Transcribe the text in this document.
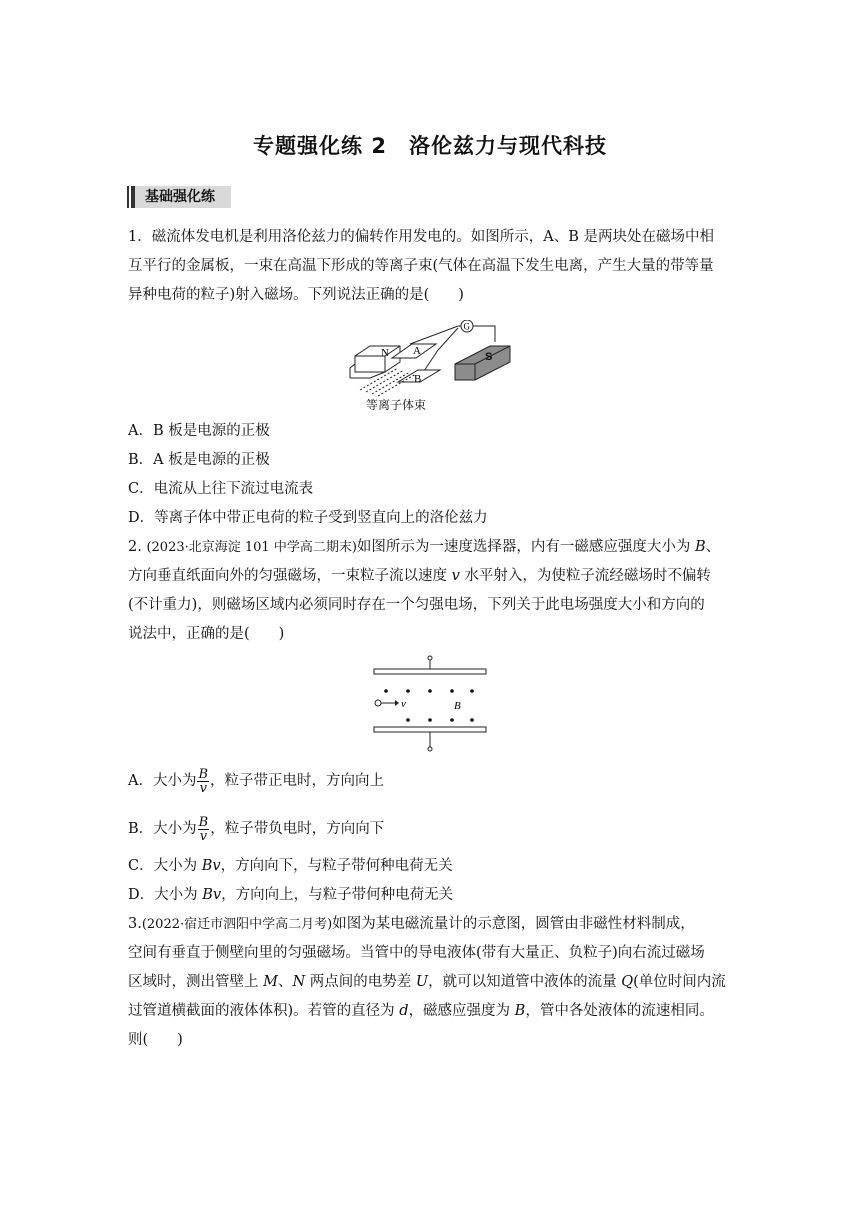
专题强化练 2　洛伦兹力与现代科技
基础强化练
1．磁流体发电机是利用洛伦兹力的偏转作用发电的。如图所示，A、B 是两块处在磁场中相
互平行的金属板，一束在高温下形成的等离子束(气体在高温下发生电离，产生大量的带等量
异种电荷的粒子)射入磁场。下列说法正确的是(　　)
N A
B
S
G
等离子体束
A．B 板是电源的正极
B．A 板是电源的正极
C．电流从上往下流过电流表
D．等离子体中带正电荷的粒子受到竖直向上的洛伦兹力
2. (2023·北京海淀 101 中学高二期末)如图所示为一速度选择器，内有一磁感应强度大小为 B、
方向垂直纸面向外的匀强磁场，一束粒子流以速度 v 水平射入，为使粒子流经磁场时不偏转
(不计重力)，则磁场区域内必须同时存在一个匀强电场，下列关于此电场强度大小和方向的
说法中，正确的是(　　)
v	B
A．大小为 $\frac{B}{v}$ ，粒子带正电时，方向向上
B．大小为 $\frac{B}{v}$ ，粒子带负电时，方向向下
C．大小为 Bv，方向向下，与粒子带何种电荷无关
D．大小为 Bv，方向向上，与粒子带何种电荷无关
3.(2022·宿迁市泗阳中学高二月考)如图为某电磁流量计的示意图，圆管由非磁性材料制成，
空间有垂直于侧壁向里的匀强磁场。当管中的导电液体(带有大量正、负粒子)向右流过磁场
区域时，测出管壁上 M、N 两点间的电势差 U，就可以知道管中液体的流量 Q(单位时间内流
过管道横截面的液体体积)。若管的直径为 d，磁感应强度为 B，管中各处液体的流速相同。
则(　　)
